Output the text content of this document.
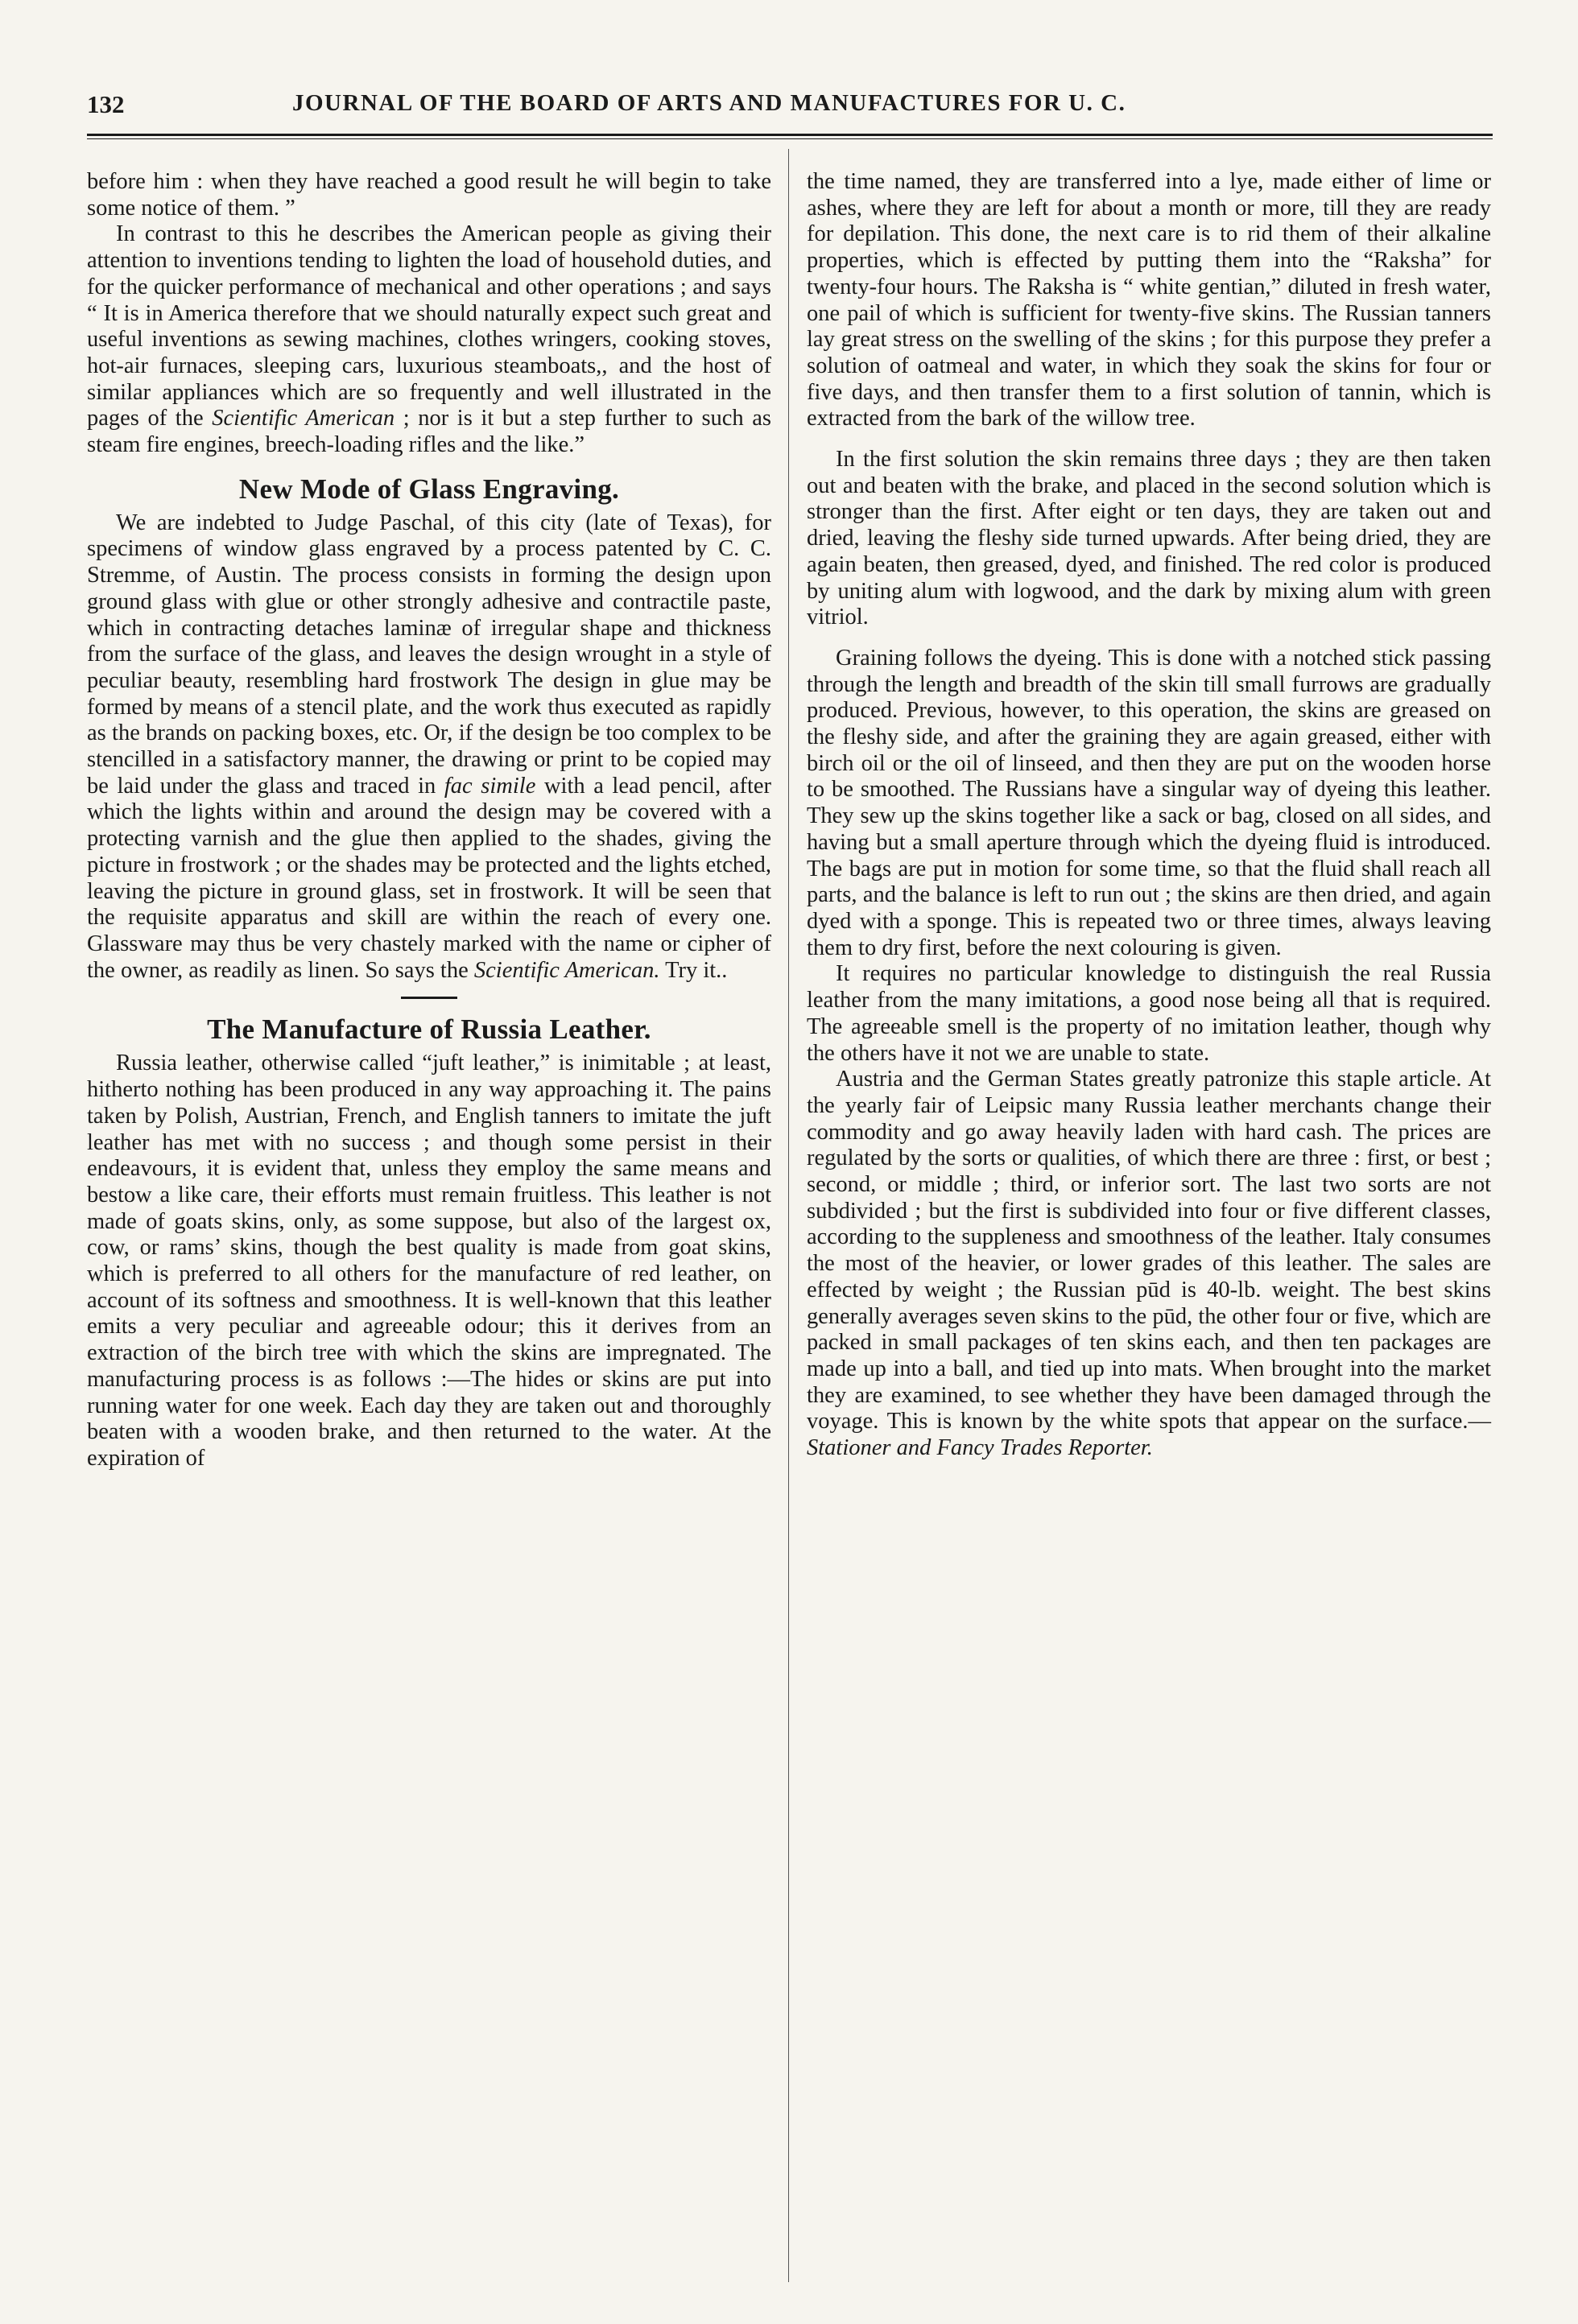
132	JOURNAL OF THE BOARD OF ARTS AND MANUFACTURES FOR U. C.

before him : when they have reached a good result he will begin to take some notice of them. ”

In contrast to this he describes the American people as giving their attention to inventions tending to lighten the load of household duties, and for the quicker performance of mechanical and other operations ; and says “ It is in America therefore that we should naturally expect such great and useful inventions as sewing machines, clothes wringers, cooking stoves, hot-air furnaces, sleeping cars, luxurious steamboats,, and the host of similar appliances which are so frequently and well illustrated in the pages of the Scientific American ; nor is it but a step further to such as steam fire engines, breech-loading rifles and the like.”

New Mode of Glass Engraving.

We are indebted to Judge Paschal, of this city (late of Texas), for specimens of window glass engraved by a process patented by C. C. Stremme, of Austin. The process consists in forming the design upon ground glass with glue or other strongly adhesive and contractile paste, which in contracting detaches laminæ of irregular shape and thickness from the surface of the glass, and leaves the design wrought in a style of peculiar beauty, resembling hard frostwork The design in glue may be formed by means of a stencil plate, and the work thus executed as rapidly as the brands on packing boxes, etc. Or, if the design be too complex to be stencilled in a satisfactory manner, the drawing or print to be copied may be laid under the glass and traced in fac simile with a lead pencil, after which the lights within and around the design may be covered with a protecting varnish and the glue then applied to the shades, giving the picture in frostwork ; or the shades may be protected and the lights etched, leaving the picture in ground glass, set in frostwork. It will be seen that the requisite apparatus and skill are within the reach of every one. Glassware may thus be very chastely marked with the name or cipher of the owner, as readily as linen. So says the Scientific American. Try it..

The Manufacture of Russia Leather.

Russia leather, otherwise called “juft leather,” is inimitable ; at least, hitherto nothing has been produced in any way approaching it. The pains taken by Polish, Austrian, French, and English tanners to imitate the juft leather has met with no success ; and though some persist in their endeavours, it is evident that, unless they employ the same means and bestow a like care, their efforts must remain fruitless. This leather is not made of goats skins, only, as some suppose, but also of the largest ox, cow, or rams’ skins, though the best quality is made from goat skins, which is preferred to all others for the manufacture of red leather, on account of its softness and smoothness. It is well-known that this leather emits a very peculiar and agreeable odour; this it derives from an extraction of the birch tree with which the skins are impregnated. The manufacturing process is as follows :—The hides or skins are put into running water for one week. Each day they are taken out and thoroughly beaten with a wooden brake, and then returned to the water. At the expiration of

the time named, they are transferred into a lye, made either of lime or ashes, where they are left for about a month or more, till they are ready for depilation. This done, the next care is to rid them of their alkaline properties, which is effected by putting them into the “Raksha” for twenty-four hours. The Raksha is “ white gentian,” diluted in fresh water, one pail of which is sufficient for twenty-five skins. The Russian tanners lay great stress on the swelling of the skins ; for this purpose they prefer a solution of oatmeal and water, in which they soak the skins for four or five days, and then transfer them to a first solution of tannin, which is extracted from the bark of the willow tree.

In the first solution the skin remains three days ; they are then taken out and beaten with the brake, and placed in the second solution which is stronger than the first. After eight or ten days, they are taken out and dried, leaving the fleshy side turned upwards. After being dried, they are again beaten, then greased, dyed, and finished. The red color is produced by uniting alum with logwood, and the dark by mixing alum with green vitriol.

Graining follows the dyeing. This is done with a notched stick passing through the length and breadth of the skin till small furrows are gradually produced. Previous, however, to this operation, the skins are greased on the fleshy side, and after the graining they are again greased, either with birch oil or the oil of linseed, and then they are put on the wooden horse to be smoothed. The Russians have a singular way of dyeing this leather. They sew up the skins together like a sack or bag, closed on all sides, and having but a small aperture through which the dyeing fluid is introduced. The bags are put in motion for some time, so that the fluid shall reach all parts, and the balance is left to run out ; the skins are then dried, and again dyed with a sponge. This is repeated two or three times, always leaving them to dry first, before the next colouring is given.

It requires no particular knowledge to distinguish the real Russia leather from the many imitations, a good nose being all that is required. The agreeable smell is the property of no imitation leather, though why the others have it not we are unable to state.

Austria and the German States greatly patronize this staple article. At the yearly fair of Leipsic many Russia leather merchants change their commodity and go away heavily laden with hard cash. The prices are regulated by the sorts or qualities, of which there are three : first, or best ; second, or middle ; third, or inferior sort. The last two sorts are not subdivided ; but the first is subdivided into four or five different classes, according to the suppleness and smoothness of the leather. Italy consumes the most of the heavier, or lower grades of this leather. The sales are effected by weight ; the Russian pūd is 40-lb. weight. The best skins generally averages seven skins to the pūd, the other four or five, which are packed in small packages of ten skins each, and then ten packages are made up into a ball, and tied up into mats. When brought into the market they are examined, to see whether they have been damaged through the voyage. This is known by the white spots that appear on the surface.—Stationer and Fancy Trades Reporter.
